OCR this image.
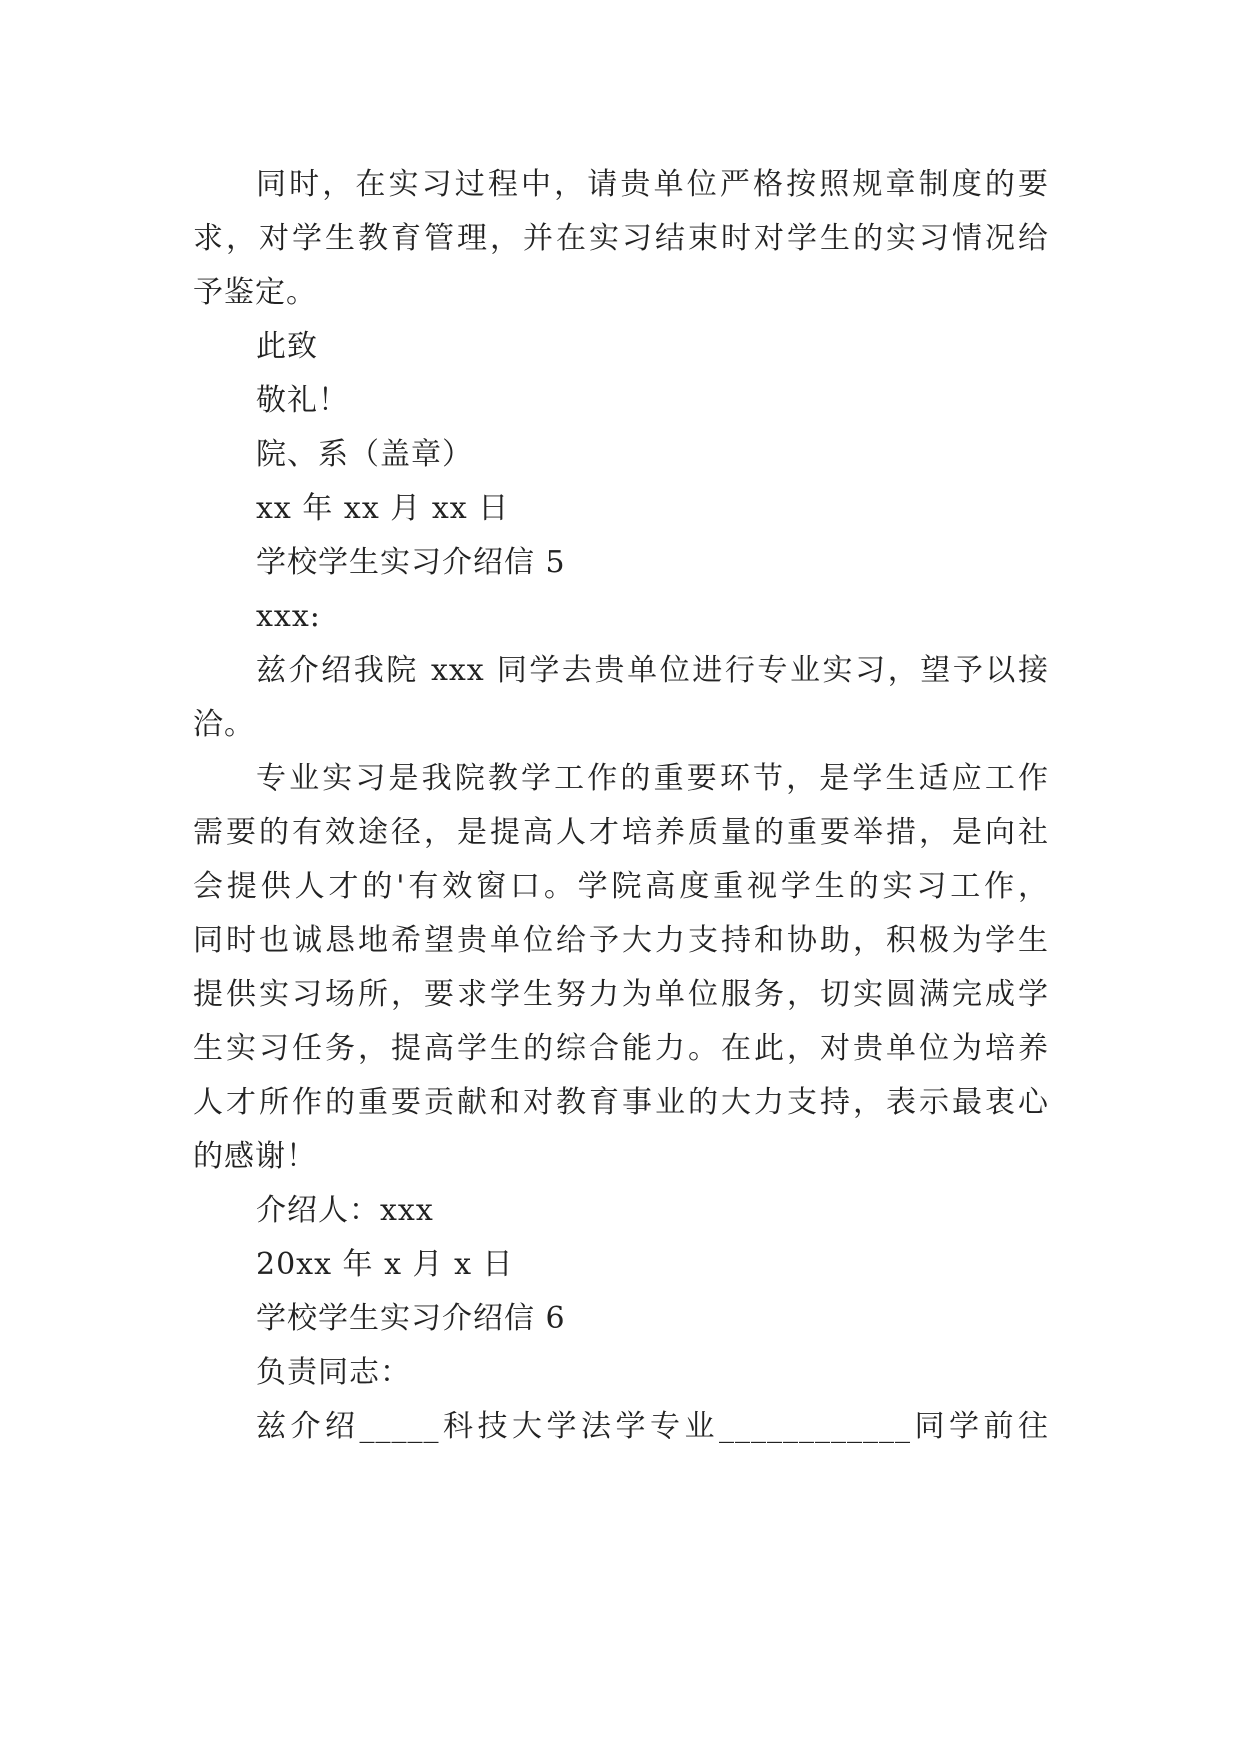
同时，在实习过程中，请贵单位严格按照规章制度的要
求，对学生教育管理，并在实习结束时对学生的实习情况给
予鉴定。
此致
敬礼！
院、系（盖章）
xx 年 xx 月 xx 日
学校学生实习介绍信 5
xxx:
兹介绍我院 xxx 同学去贵单位进行专业实习，望予以接
洽。
专业实习是我院教学工作的重要环节，是学生适应工作
需要的有效途径，是提高人才培养质量的重要举措，是向社
会提供人才的'有效窗口。学院高度重视学生的实习工作，
同时也诚恳地希望贵单位给予大力支持和协助，积极为学生
提供实习场所，要求学生努力为单位服务，切实圆满完成学
生实习任务，提高学生的综合能力。在此，对贵单位为培养
人才所作的重要贡献和对教育事业的大力支持，表示最衷心
的感谢！
介绍人：xxx
20xx 年 x 月 x 日
学校学生实习介绍信 6
负责同志：
兹介绍_____科技大学法学专业____________同学前往
